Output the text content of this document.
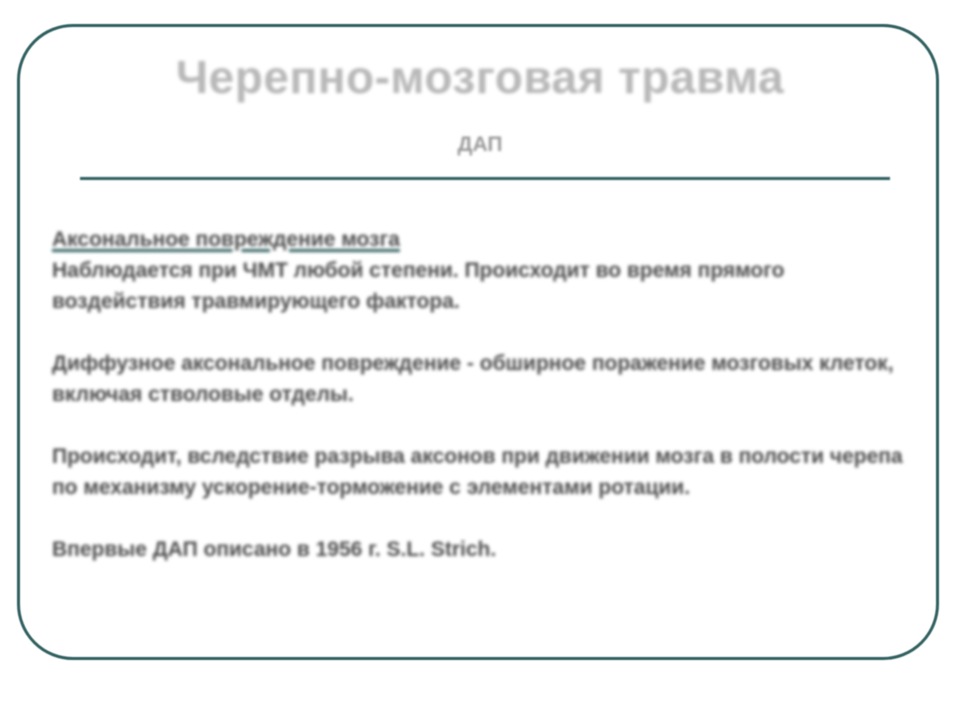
Черепно-мозговая травма
ДАП

Аксональное повреждение мозга
Наблюдается при ЧМТ любой степени. Происходит во время прямого воздействия травмирующего фактора.

Диффузное аксональное повреждение - обширное поражение мозговых клеток, включая стволовые отделы.

Происходит, вследствие разрыва аксонов при движении мозга в полости черепа по механизму ускорение-торможение с элементами ротации.

Впервые ДАП описано в 1956 г. S.L. Strich.
